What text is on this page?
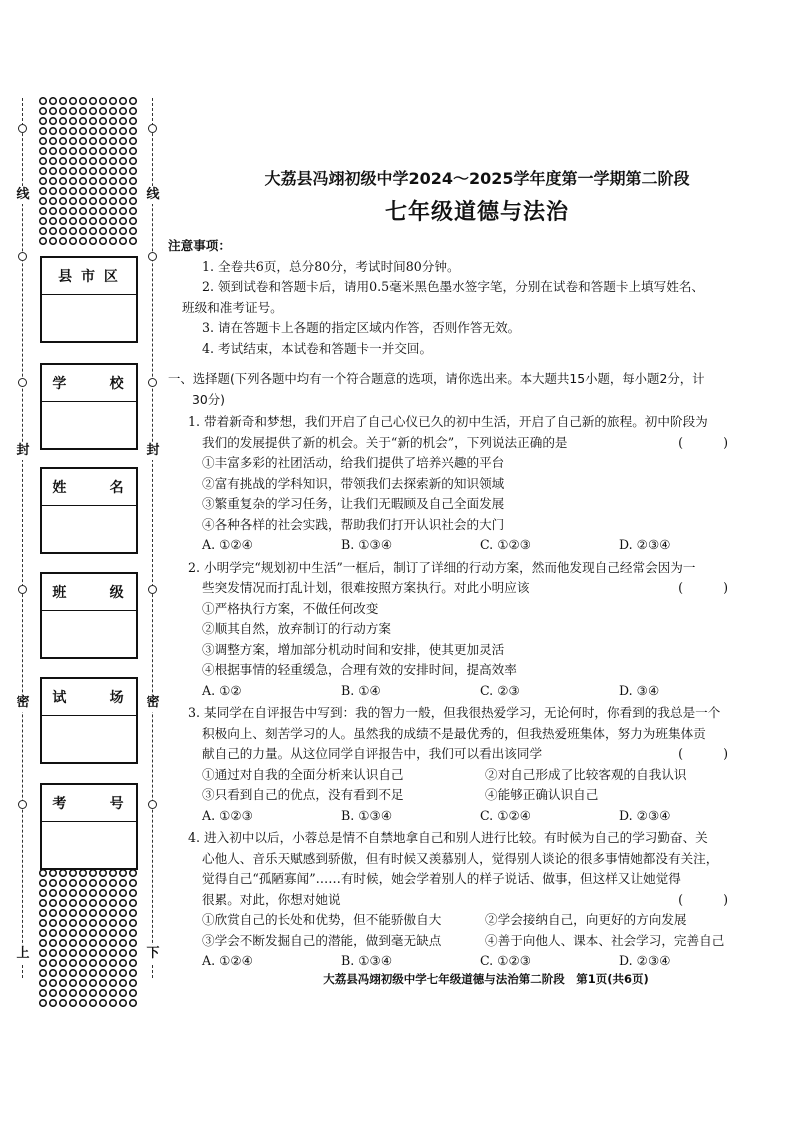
线
封
密
上
线
封
密
下
县 市 区
学      校
姓      名
班      级
试      场
考      号
大荔县冯翊初级中学2024～2025学年度第一学期第二阶段
七年级道德与法治
注意事项：
1. 全卷共6页，总分80分，考试时间80分钟。
2. 领到试卷和答题卡后，请用0.5毫米黑色墨水签字笔，分别在试卷和答题卡上填写姓名、
班级和准考证号。
3. 请在答题卡上各题的指定区域内作答，否则作答无效。
4. 考试结束，本试卷和答题卡一并交回。
一、选择题(下列各题中均有一个符合题意的选项，请你选出来。本大题共15小题，每小题2分，计
30分)
1. 带着新奇和梦想，我们开启了自己心仪已久的初中生活，开启了自己新的旅程。初中阶段为
我们的发展提供了新的机会。关于“新的机会”，下列说法正确的是	( )
①丰富多彩的社团活动，给我们提供了培养兴趣的平台
②富有挑战的学科知识，带领我们去探索新的知识领域
③繁重复杂的学习任务，让我们无暇顾及自己全面发展
④各种各样的社会实践，帮助我们打开认识社会的大门
A. ①②④	B. ①③④	C. ①②③	D. ②③④
2. 小明学完“规划初中生活”一框后，制订了详细的行动方案，然而他发现自己经常会因为一
些突发情况而打乱计划，很难按照方案执行。对此小明应该	( )
①严格执行方案，不做任何改变
②顺其自然，放弃制订的行动方案
③调整方案，增加部分机动时间和安排，使其更加灵活
④根据事情的轻重缓急，合理有效的安排时间，提高效率
A. ①②	B. ①④	C. ②③	D. ③④
3. 某同学在自评报告中写到：我的智力一般，但我很热爱学习，无论何时，你看到的我总是一个
积极向上、刻苦学习的人。虽然我的成绩不是最优秀的，但我热爱班集体，努力为班集体贡
献自己的力量。从这位同学自评报告中，我们可以看出该同学	( )
①通过对自我的全面分析来认识自己	②对自己形成了比较客观的自我认识
③只看到自己的优点，没有看到不足	④能够正确认识自己
A. ①②③	B. ①③④	C. ①②④	D. ②③④
4. 进入初中以后，小蓉总是情不自禁地拿自己和别人进行比较。有时候为自己的学习勤奋、关
心他人、音乐天赋感到骄傲，但有时候又羡慕别人，觉得别人谈论的很多事情她都没有关注，
觉得自己“孤陋寡闻”……有时候，她会学着别人的样子说话、做事，但这样又让她觉得
很累。对此，你想对她说	( )
①欣赏自己的长处和优势，但不能骄傲自大	②学会接纳自己，向更好的方向发展
③学会不断发掘自己的潜能，做到毫无缺点	④善于向他人、课本、社会学习，完善自己
A. ①②④	B. ①③④	C. ①②③	D. ②③④
大荔县冯翊初级中学七年级道德与法治第二阶段　第1页(共6页)
